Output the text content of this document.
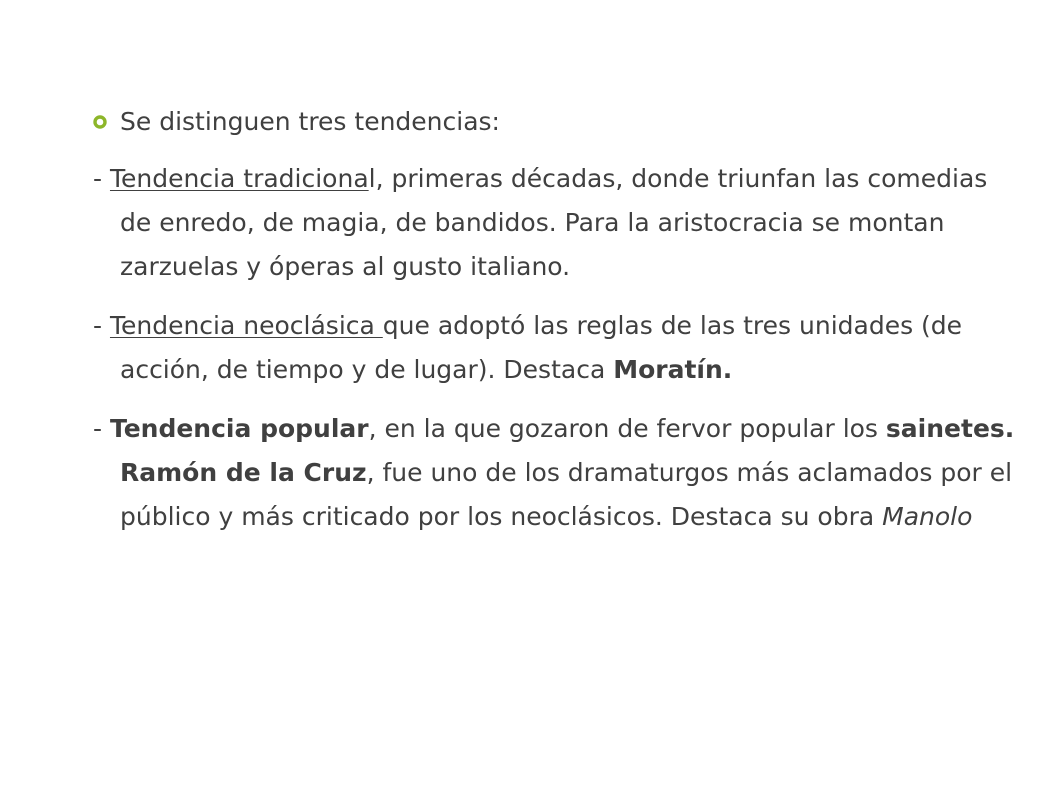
Se distinguen tres tendencias:
- Tendencia tradicional, primeras décadas, donde triunfan las comedias de enredo, de magia, de bandidos. Para la aristocracia se montan zarzuelas y óperas al gusto italiano.
- Tendencia neoclásica que adoptó las reglas de las tres unidades (de acción, de tiempo y de lugar). Destaca Moratín.
- Tendencia popular, en la que gozaron de fervor popular los sainetes. Ramón de la Cruz, fue uno de los dramaturgos más aclamados por el público y más criticado por los neoclásicos. Destaca su obra Manolo
